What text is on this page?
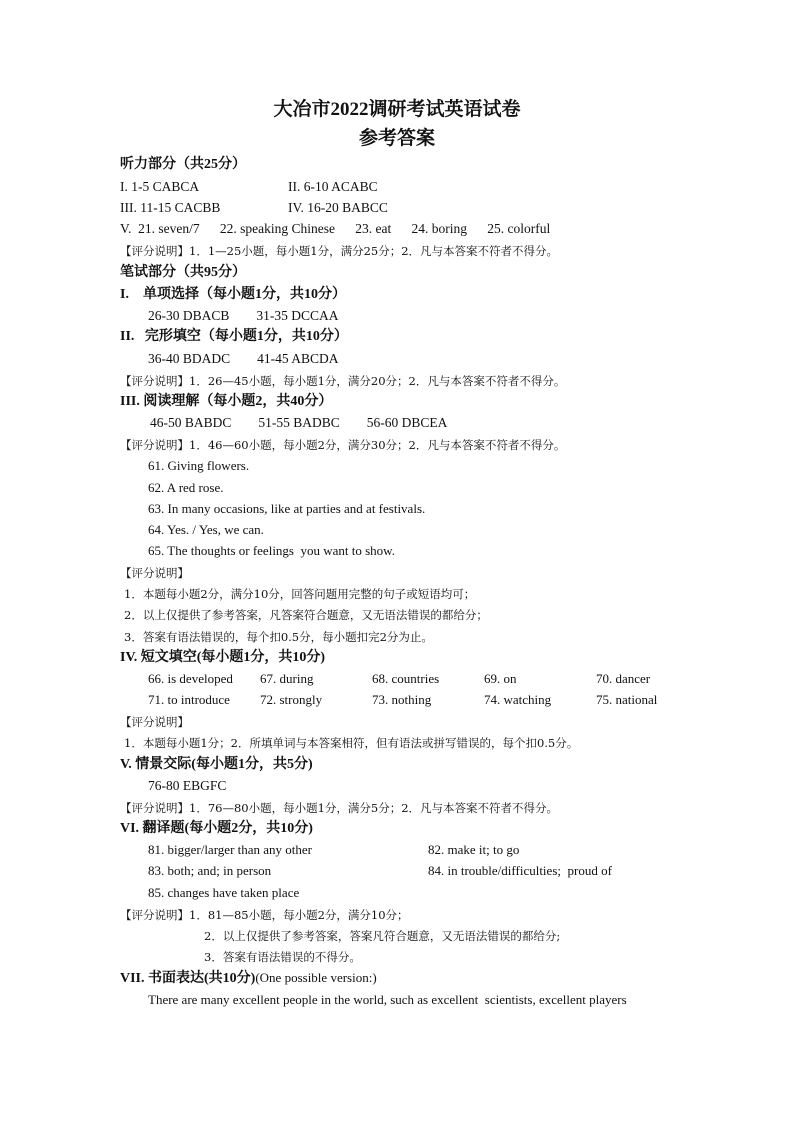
大冶市2022调研考试英语试卷
参考答案
听力部分（共25分）
I. 1-5 CABCA	II. 6-10 ACABC
III. 11-15 CACBB	IV. 16-20 BABCC
V.  21. seven/7      22. speaking Chinese      23. eat      24. boring      25. colorful
【评分说明】1．1—25小题，每小题1分，满分25分；2．凡与本答案不符者不得分。
笔试部分（共95分）
I.    单项选择（每小题1分，共10分）
26-30 DBACB        31-35 DCCAA
II.   完形填空（每小题1分，共10分）
36-40 BDADC        41-45 ABCDA
【评分说明】1．26—45小题，每小题1分，满分20分；2．凡与本答案不符者不得分。
III. 阅读理解（每小题2，共40分）
46-50 BABDC        51-55 BADBC        56-60 DBCEA
【评分说明】1．46—60小题，每小题2分，满分30分；2．凡与本答案不符者不得分。
61. Giving flowers.
62. A red rose.
63. In many occasions, like at parties and at festivals.
64. Yes. / Yes, we can.
65. The thoughts or feelings  you want to show.
【评分说明】
1．本题每小题2分，满分10分，回答问题用完整的句子或短语均可；
2．以上仅提供了参考答案，凡答案符合题意，又无语法错误的都给分；
3．答案有语法错误的，每个扣0.5分，每小题扣完2分为止。
IV. 短文填空(每小题1分，共10分)
66. is developed 67. during	68. countries	69. on	70. dancer
71. to introduce 72. strongly	73. nothing	74. watching	75. national
【评分说明】
1．本题每小题1分；2．所填单词与本答案相符，但有语法或拼写错误的，每个扣0.5分。
V. 情景交际(每小题1分，共5分)
76-80 EBGFC
【评分说明】1．76—80小题，每小题1分，满分5分；2．凡与本答案不符者不得分。
VI. 翻译题(每小题2分，共10分)
81. bigger/larger than any other	82. make it; to go
83. both; and; in person	84. in trouble/difficulties;  proud of
85. changes have taken place
【评分说明】1．81—85小题，每小题2分，满分10分；
2．以上仅提供了参考答案，答案凡符合题意，又无语法错误的都给分;
3．答案有语法错误的不得分。
VII. 书面表达(共10分)(One possible version:)
There are many excellent people in the world, such as excellent  scientists, excellent players
